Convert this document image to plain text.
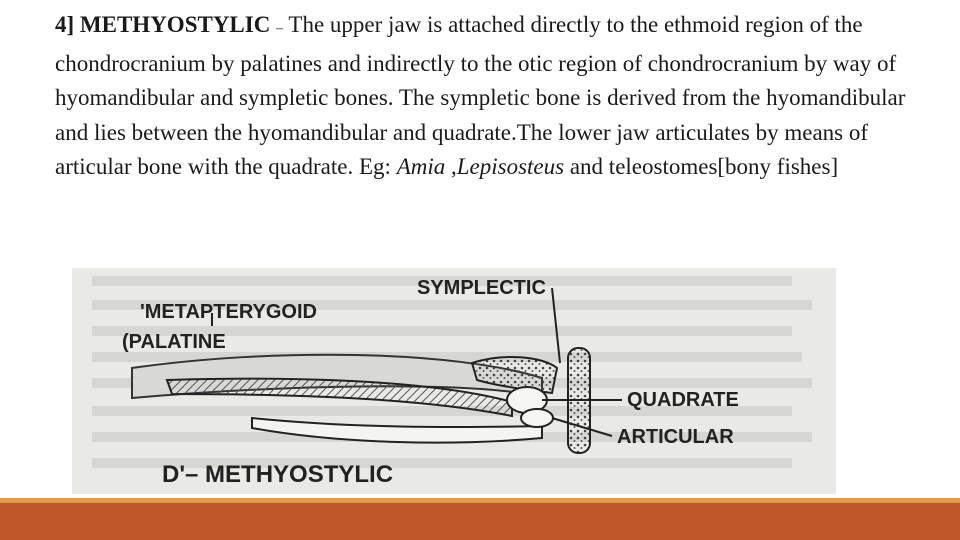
4] METHYOSTYLIC – The upper jaw is attached directly to the ethmoid region of the chondrocranium by palatines and indirectly to the otic region of chondrocranium by way of hyomandibular and sympletic bones. The sympletic bone is derived from the hyomandibular and lies between the hyomandibular and quadrate.The lower jaw articulates by means of articular bone with the quadrate. Eg: Amia ,Lepisosteus and teleostomes[bony fishes]
SYMPLECTIC
'METAPTERYGOID
(PALATINE
QUADRATE
ARTICULAR
D'– METHYOSTYLIC
